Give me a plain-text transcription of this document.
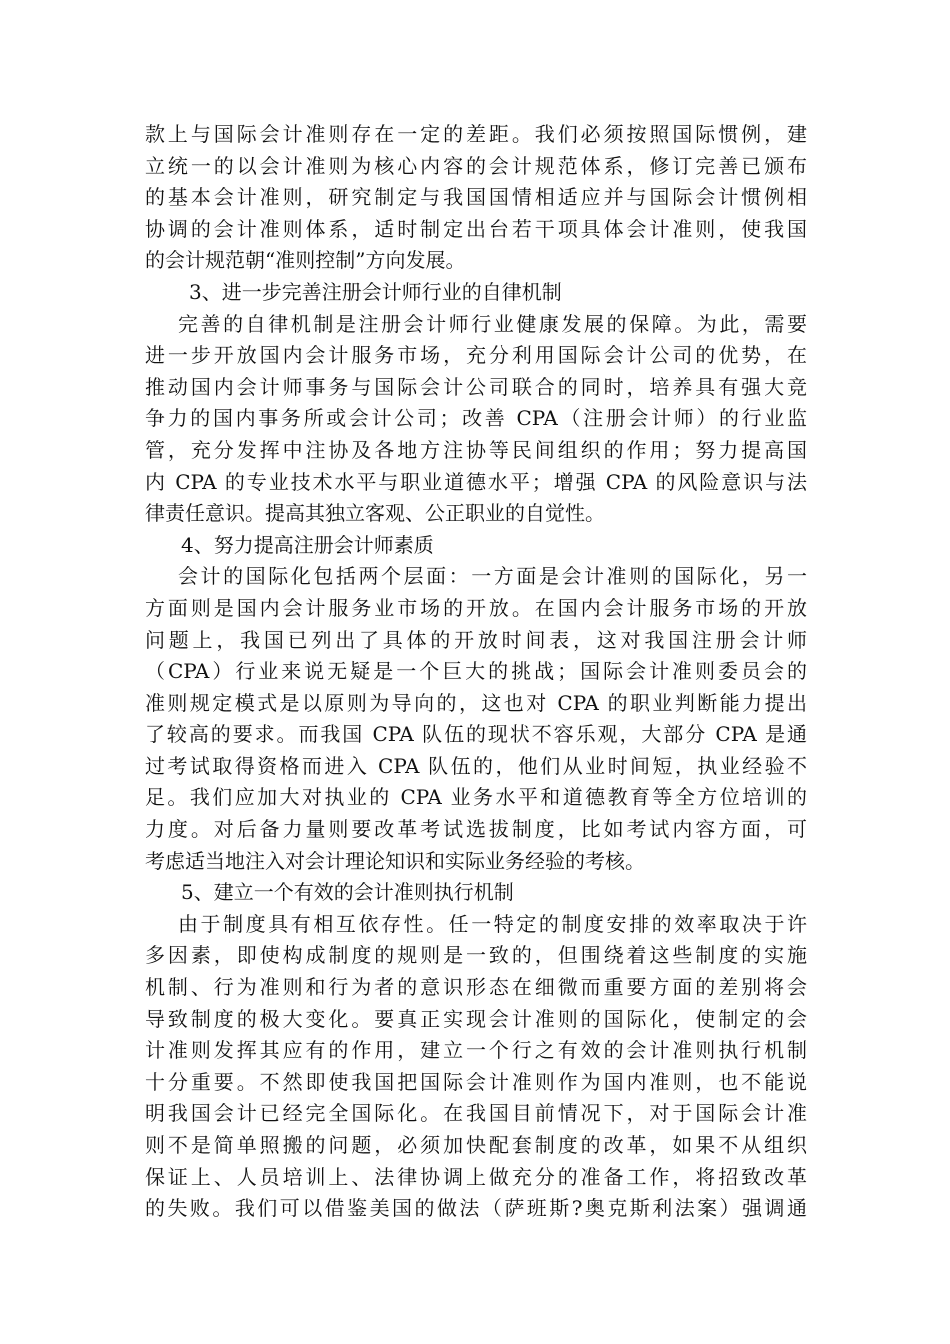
款上与国际会计准则存在一定的差距。我们必须按照国际惯例，建
立统一的以会计准则为核心内容的会计规范体系，修订完善已颁布
的基本会计准则，研究制定与我国国情相适应并与国际会计惯例相
协调的会计准则体系，适时制定出台若干项具体会计准则，使我国
的会计规范朝“准则控制”方向发展。
3、进一步完善注册会计师行业的自律机制
完善的自律机制是注册会计师行业健康发展的保障。为此，需要
进一步开放国内会计服务市场，充分利用国际会计公司的优势，在
推动国内会计师事务与国际会计公司联合的同时，培养具有强大竞
争力的国内事务所或会计公司；改善 CPA（注册会计师）的行业监
管，充分发挥中注协及各地方注协等民间组织的作用；努力提高国
内 CPA 的专业技术水平与职业道德水平；增强 CPA 的风险意识与法
律责任意识。提高其独立客观、公正职业的自觉性。
4、努力提高注册会计师素质
会计的国际化包括两个层面：一方面是会计准则的国际化，另一
方面则是国内会计服务业市场的开放。在国内会计服务市场的开放
问题上，我国已列出了具体的开放时间表，这对我国注册会计师
（CPA）行业来说无疑是一个巨大的挑战；国际会计准则委员会的
准则规定模式是以原则为导向的，这也对 CPA 的职业判断能力提出
了较高的要求。而我国 CPA 队伍的现状不容乐观，大部分 CPA 是通
过考试取得资格而进入 CPA 队伍的，他们从业时间短，执业经验不
足。我们应加大对执业的 CPA 业务水平和道德教育等全方位培训的
力度。对后备力量则要改革考试选拔制度，比如考试内容方面，可
考虑适当地注入对会计理论知识和实际业务经验的考核。
5、建立一个有效的会计准则执行机制
由于制度具有相互依存性。任一特定的制度安排的效率取决于许
多因素，即使构成制度的规则是一致的，但围绕着这些制度的实施
机制、行为准则和行为者的意识形态在细微而重要方面的差别将会
导致制度的极大变化。要真正实现会计准则的国际化，使制定的会
计准则发挥其应有的作用，建立一个行之有效的会计准则执行机制
十分重要。不然即使我国把国际会计准则作为国内准则，也不能说
明我国会计已经完全国际化。在我国目前情况下，对于国际会计准
则不是简单照搬的问题，必须加快配套制度的改革，如果不从组织
保证上、人员培训上、法律协调上做充分的准备工作，将招致改革
的失败。我们可以借鉴美国的做法（萨班斯?奥克斯利法案）强调通
